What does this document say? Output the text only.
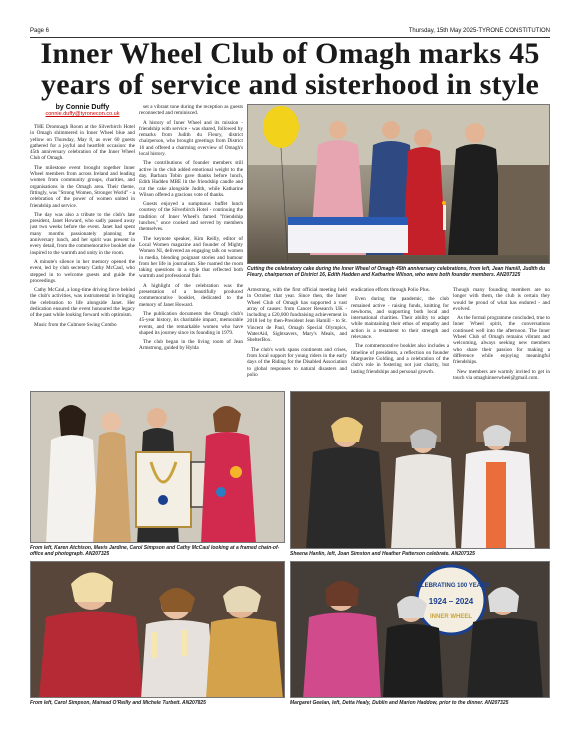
Page 6	Thursday, 15th May 2025-TYRONE CONSTITUTION
Inner Wheel Club of Omagh marks 45 years of service and sisterhood in style
by Connie Duffy
connie.duffy@tyronecon.co.uk

THE Dromnagh Room at the Silverbirch Hotel in Omagh shimmered in Inner Wheel blue and yellow on Thursday, May 8, as over 60 guests gathered for a joyful and heartfelt occasion: the 45th anniversary celebration of the Inner Wheel Club of Omagh.

The milestone event brought together Inner Wheel members from across Ireland and leading women from community groups, charities, and organisations in the Omagh area. Their theme, fittingly, was "Strong Women, Stronger World" - a celebration of the power of women united in friendship and service.

The day was also a tribute to the club's late president, Janet Howard, who sadly passed away just two weeks before the event. Janet had spent many months passionately planning the anniversary lunch, and her spirit was present in every detail, from the commemorative booklet she inspired to the warmth and unity in the room.

A minute's silence in her memory opened the event, led by club secretary Cathy McCaul, who stepped in to welcome guests and guide the proceedings.

Cathy McCaul, a long-time driving force behind the club's activities, was instrumental in bringing the celebration to life alongside Janet. Her dedication ensured the event honoured the legacy of the past while looking forward with optimism.

Music from the Culmore Swing Combo

set a vibrant tone during the reception as guests reconnected and reminisced.

A history of Inner Wheel and its mission - friendship with service - was shared, followed by remarks from Judith du Fleury, district chairperson, who brought greetings from District 16 and offered a charming overview of Omagh's local history.

The contributions of founder members still active in the club added emotional weight to the day. Barbara Tobin gave thanks before lunch, Edith Hadden MBE lit the friendship candle and cut the cake alongside Judith, while Katharine Wilson offered a gracious vote of thanks.

Guests enjoyed a sumptuous buffet lunch courtesy of the Silverbirch Hotel - continuing the tradition of Inner Wheel's famed "friendship lunches," once cooked and served by members themselves.

The keynote speaker, Kim Reilly, editor of Local Women magazine and founder of Mighty Women NI, delivered an engaging talk on women in media, blending poignant stories and humour from her life in journalism. She roamed the room taking questions in a style that reflected both warmth and professional flair.

A highlight of the celebration was the presentation of a beautifully produced commemorative booklet, dedicated to the memory of Janet Howard.

The publication documents the Omagh club's 45-year history, its charitable impact, memorable events, and the remarkable women who have shaped its journey since its founding in 1979.

The club began in the living room of Jean Armstrong, guided by Hylda

Cutting the celebratory cake during the Inner Wheel of Omagh 45th anniversary celebrations, from left, Jean Hamill, Judith du Fleury, chairperson of District 16, Edith Hadden and Katharine Wilson, who were both founder members. AN207325

Armstrong, with the first official meeting held in October that year. Since then, the Inner Wheel Club of Omagh has supported a vast array of causes: from Cancer Research UK - including a £20,000 fundraising achievement in 2018 led by then-President Jean Hamill - to St. Vincent de Paul, Omagh Special Olympics, WaterAid, Sightsavers, Mary's Meals, and ShelterBox.

The club's work spans continents and crises, from local support for young riders in the early days of the Riding for the Disabled Association to global responses to natural disasters and polio

eradication efforts through Polio Plus.

Even during the pandemic, the club remained active - raising funds, knitting for newborns, and supporting both local and international charities. Their ability to adapt while maintaining their ethos of empathy and action is a testament to their strength and relevance.

The commemorative booklet also includes a timeline of presidents, a reflection on founder Marguerite Golding, and a celebration of the club's role in fostering not just charity, but lasting friendships and personal growth.

Though many founding members are no longer with them, the club is certain they would be proud of what has endured - and evolved.

As the formal programme concluded, true to Inner Wheel spirit, the conversations continued well into the afternoon. The Inner Wheel Club of Omagh remains vibrant and welcoming, always seeking new members who share their passion for making a difference while enjoying meaningful friendships.

New members are warmly invited to get in touch via omaghinnerwheel@gmail.com.

From left, Karen Atchison, Mavis Jardine, Carol Simpson and Cathy McCaul looking at a framed chain-of-office and photograph. AN207325	Sheena Hanlin, left, Joan Simston and Heather Patterson celebrate. AN207325
From left, Carol Simpson, Mairead O'Reilly and Michele Turbett. AN207825
CELEBRATING 100 YEARS
1924 – 2024
INNER WHEEL
Margaret Geelan, left, Detta Healy, Dublin and Marion Haddow, prior to the dinner. AN207325
